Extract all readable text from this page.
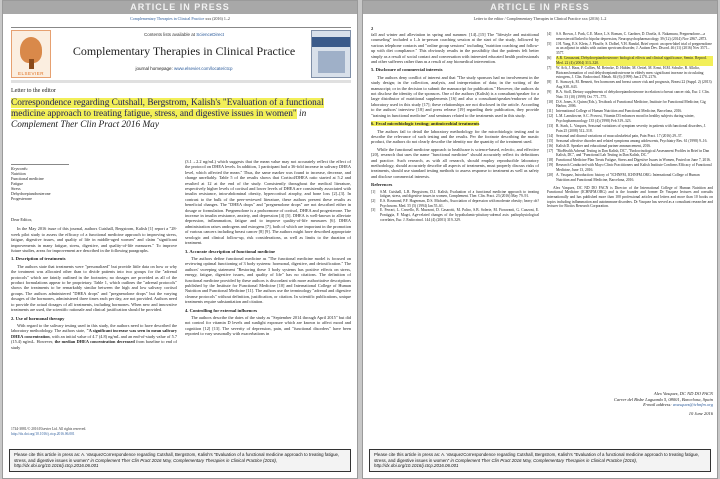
ARTICLE IN PRESS
Complementary Therapies in Clinical Practice xxx (2016) 1–2
ELSEVIER
Contents lists available at ScienceDirect
Complementary Therapies in Clinical Practice
journal homepage: www.elsevier.com/locate/ctcp
Letter to the editor
Correspondence regarding Cutshall, Bergstrom, Kalish's "Evaluation of a functional medicine approach to treating fatigue, stress, and digestive issues in women" in Complement Ther Clin Pract 2016 May
Keywords:
Nutrition
Functional medicine
Fatigue
Stress
Dehydroepiandrosterone
Progesterone

Dear Editor,

In the May 2016 issue of this journal, authors Cutshall, Bergstrom, Kalish [1] report a "28-week pilot study to assess the efficacy of a functional medicine approach to improving stress, fatigue, digestive issues, and quality of life in middle-aged women" and claim "significant improvements in many fatigue, stress, digestive, and quality-of-life measures." To improve future studies, areas for improvement are described in the following paragraphs.

1. Description of treatments

The authors state that treatments were "personalized" but provide little data on how or why the treatment was allocated other than to divide patients into two groups for the "adrenal protocols" which are faintly outlined in the footnotes; no dosages are provided as all of the product formulations appear to be proprietary. Table 1, which outlines the "adrenal protocols" shows the treatments to be remarkably similar between the high and low salivary cortisol groups. The authors administered "DHEA drops" and "pregnenolone drops" but the varying dosages of the hormones, administered three times each per day, are not provided. Authors need to provide the actual dosages of all treatments, including hormones. When new and innovative treatments are used, the scientific rationale and clinical justification should be provided.

2. Use of hormonal therapy

With regard to the salivary testing used in this study, the authors need to have described the laboratory methodology. The authors state, "A significant increase was seen in mean salivary DHEA concentration, with an initial value of 4.7 (4.8) ng/mL and an end-of-study value of 5.7 (15.4) ng/mL. However, the median DHEA concentration decreased from baseline to end of study

1744-3881/© 2016 Elsevier Ltd. All rights reserved.
http://dx.doi.org/10.1016/j.ctcp.2016.06.001

(3.1→2.2 ng/mL) which suggests that the mean value may not accurately reflect the effect of the protocol on DHEA levels. In addition, 1 participant had a 36-fold increase in salivary DHEA level, which affected the mean." Thus, the same marker was found to increase, decrease, and change unreliably. Table 5 of the results shows that Cortisol/DHEA ratio started at 5.2 and resulted at 12 at the end of the study. Consistently throughout the medical literature, respectively higher levels of cortisol and lower levels of DHEA are consistently associated with insulin resistance, intra-abdominal obesity, hypercortisol atrophy, and bone loss [2]–[3]. In contrast to the bulk of the peer-reviewed literature, these authors present these results as beneficial changes. The "DHEA drops" and "pregnenolone drops" are not described either in dosage or formulation. Pregnenolone is a prohormone of cortisol, DHEA and progesterone. The increase in insulin resistance, anxiety, and depression [4] [5]. DHEA is well-known to alleviate depression, inflammation, fatigue and to improve quality-of-life measures [6]. DHEA administration raises androgens and estrogens [7], both of which are important in the promotion of various cancers including breast cancer [8] [9]. The authors might have described appropriate serologic and clinical follow-up, risk considerations, as well as limits to the duration of treatment.

3. Accurate description of functional medicine

The authors define functional medicine as "The functional medicine model is focused on reviewing optimal functioning of 3 body systems: hormonal, digestive, and detoxification." The authors' sweeping statement "Restoring these 3 body systems has positive effects on stress, energy, fatigue, digestive issues, and quality of life" has no citations. The definition of functional medicine provided by these authors is discordant with more authoritative descriptions published by the Institute for Functional Medicine [10] and International College of Human Nutrition and Functional Medicine [11]. The authors use the terminology "adrenal and digestive cleanse protocols" without definition, justification, or citation. In scientific publications, unique treatments require substantiation and citation.

4. Controlling for external influences

The authors describe the dates of the study as "September 2014 through April 2015" but did not control for vitamin D levels and sunlight exposure which are known to affect mood and cognition [12] [13]. The severity of depression, pain, and "functional disorders" have been reported to vary seasonally with exacerbations in

Please cite this article in press as: A. VasquezCorrespondence regarding Cutshall, Bergstrom, Kalish's "Evaluation of a functional medicine approach to treating fatigue, stress, and digestive issues in women" in Complement Ther Clin Pract 2016 May, Complementary Therapies in Clinical Practice (2016), http://dx.doi.org/10.1016/j.ctcp.2016.06.001
ARTICLE IN PRESS
Letter to the editor / Complementary Therapies in Clinical Practice xxx (2016) 1–2
2

fall and winter and alleviation in spring and summer. [14]–[15] The "lifestyle and nutritional counseling" included a 1–h in-person coaching session at the start of the study, followed by various telephone contacts and "online group sessions" including "nutrition coaching and follow-up with diet compliance." This obviously results in the possibility that the patients felt better simply as a result of social contact and conversation with interested educated health professionals and other sufferers rather than as a result of any biomedical intervention.

5. Disclosure of commercial interests

The authors deny conflict of interest and that "The study sponsors had no involvement in the study design; in the collection, analysis, and interpretation of data; in the writing of the manuscript; or in the decision to submit the manuscript for publication." However, the authors do not disclose the identity of the sponsors. One of the authors (Kalish) is a consultant/speaker for a large distributor of nutritional supplements [16] and also a consultant/speaker/endorser of the laboratory used in this study [17]; these relationships are not disclosed in the article. According to the authors' interview [18] and press release [19] regarding their publication, they provide "training in functional medicine" and seminars related to the treatments used in this study.

6. Fecal microbiologic testing; antimicrobial treatments

The authors fail to detail the laboratory methodology for the microbiologic testing and to describe the relevance of such testing and the results. Per the footnote describing the mastic product, the authors do not clearly describe the identity nor the quantity of the treatment used.

While the functional medicine approach to healthcare is science-based, eclectic, and effective [20], research that uses the name "functional medicine" should accurately reflect its definitions and practice. Such research, as with all research, should employ reproducible laboratory methodology, should accurately describe all aspects of treatments, must properly discuss risks of treatments, should use standard testing methods to assess response to treatment as well as safety and disclose commercial interests.

References
[1]	S.M. Cutshall, L.R. Bergstrom, D.J. Kalish, Evaluation of a functional medicine approach to treating fatigue, stress, and digestive issues in women, Complement. Ther. Clin. Pract. 23 (2016) May 79–91.
[2]	E.S. Rosmond, P.F. Hagerman, D.S. Michaels, Association of depression with moderate obesity; heavy oh? Psychosom. Med. 55 (5) (1994) Jan 55–61.
[3]	E. Ferrari, L. Cravello, B. Muzzoni, D. Casarotti, M. Paltro, S.B. Solerte, M. Fioravanti, G. Cuzzoni, E. Pontiggia, F. Magri, Age-related changes of the hypothalamic-pituitary-adrenal axis: pathophysiological correlates, Eur. J. Endocrinol. 144 (4) (2001) 319–329.
[4]	S.S. Brown, J. Park, C.E. Mace, L.S. Roman, C. Gardner, D. Davila, A. Nakamura, Pregnenolone—a neurosteroid linked to bipolar depression, Neuropsychopharmacology 39 (12) (2014) Nov 2867–2873.
[5]	J.H. Yang, E.S. Klein, J. Plouffe, S. Dolbel, V.H. Randal, Brief report: an open-label trial of pregnenolone as an adjunct in adults with autism spectrum disorder, J. Autism Dev. Disord. 46 (11) (2016) Nov 3571–3577.
[6]	A.R. Genazzani, Dehydroepiandrosterone: biological effects and clinical significance, Semin. Reprod. Med. 22 (4) (2004) 313–320.
[7]	W. Arlt, J. Haas, F. Callies, M. Reincke, D. Hübler, M. Oettel, M. Ernst, H.M. Schulte, B. Allolio, Biotransformation of oral dehydroepiandrosterone in elderly men: significant increase in circulating estrogens, J. Clin. Endocrinol. Metab. 84 (6) (1999) Jun 2170–2176.
[8]	E. Stanczyk, M. Bennett, Sex hormones and breast cancer risk and prognosis, Breast 22 (Suppl. 2) (2013) Aug S38–S43.
[9]	B.A. Stoll, Dietary supplements of dehydroepiandrosterone in relation to breast cancer risk, Eur. J. Clin. Nutr. 53 (10) (1999) Oct 771–775.
[10] D.S. Jones, S. Quinn (Eds.), Textbook of Functional Medicine, Institute for Functional Medicine, Gig Harbor, 2006.
[11] International College of Human Nutrition and Functional Medicine, Barcelona, 2016.
[12] L.M. Lansdowne, S.C. Provost, Vitamin D3 enhances mood in healthy subjects during winter, Psychopharmacology 135 (4) (1998) Feb 319–323.
[13] R. Stark, L. Vasquez, Seasonal variations of symptom severity in patients with functional disorders, J. Pain 25 (2008) 512–518.
[14] Seasonal and diurnal variations of musculoskeletal pain, Pain Pract. 17 (2016) 29–37.
[15] Seasonal affective disorder and related symptoms among adolescents, Psychiatry Res. 61 (1998) 9–16.
[16] Kalish D. Speaker and educational partner announcement, 2016.
[17] "BioHealth Adrenal Testing in Dan Kalish, DC", "Endocrinological Assessment Profiles in Brief in Dan Kalish, DC", and "Functional Lab Testing in Dan Kalish, DC."
[18] Functional Medicine Plan Treats Fatigue, Stress and Digestive Issues in Women, Posted on June 7, 2016.
[19] Research Conducted with Mayo Clinic Practitioners and Kalish Institute Confirms Efficacy of Functional Medicine, June 13, 2016.
[20] A. Vasquez, Introduction: history of "ICHNFM, ICHNFM.ORG: International College of Human Nutrition and Functional Medicine, Barcelona, 2016.
Alex Vasquez, DC ND DO FACN is Director of the International College of Human Nutrition and Functional Medicine (ICHNFM.ORG) and is the founder and former Dr Vasquez lectures and consults internationally and has published more than 100 professional articles and letters and more than 10 books on topics including inflammation and autoimmune disorders. Dr Vasquez has served as a consultant researcher and lecturer for Biotics Research Corporation.
Alex Vasquez, DC ND DO FACN
Carrer del Bisbe Laguarda 5, 08001, Barcelona, Spain
E-mail address: avasquez@ichnfm.org
10 June 2016
Please cite this article in press as: A. VasquezCorrespondence regarding Cutshall, Bergstrom, Kalish's "Evaluation of a functional medicine approach to treating fatigue, stress, and digestive issues in women" in Complement Ther Clin Pract 2016 May, Complementary Therapies in Clinical Practice (2016), http://dx.doi.org/10.1016/j.ctcp.2016.06.001
